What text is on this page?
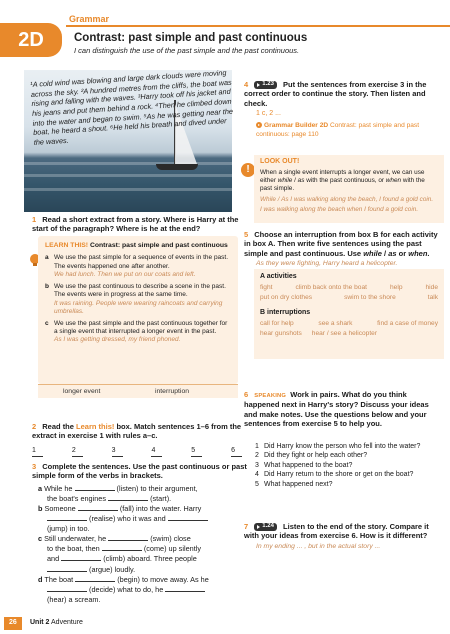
2D
Grammar
Contrast: past simple and past continuous
I can distinguish the use of the past simple and the past continuous.
¹A cold wind was blowing and large dark clouds were moving across the sky. ²A hundred metres from the cliffs, the boat was rising and falling with the waves. ³Harry took off his jacket and his jeans and put them behind a rock. ⁴Then he climbed down into the water and began to swim. ⁵As he was getting near the boat, he heard a shout. ⁶He held his breath and dived under the waves.
1 Read a short extract from a story. Where is Harry at the start of the paragraph? Where is he at the end?
LEARN THIS! Contrast: past simple and past continuous
a We use the past simple for a sequence of events in the past. The events happened one after another.
We had lunch. Then we put on our coats and left.
b We use the past continuous to describe a scene in the past. The events were in progress at the same time.
It was raining. People were wearing raincoats and carrying umbrellas.
c We use the past simple and the past continuous together for a single event that interrupted a longer event in the past.
As I was getting dressed, my friend phoned.
longer event	interruption
2 Read the Learn this! box. Match sentences 1–6 from the extract in exercise 1 with rules a–c.
1	2	3	4	5	6
3 Complete the sentences. Use the past continuous or past simple form of the verbs in brackets.
a While he	(listen) to their argument,
the boat's engines	(start).
b Someone	(fall) into the water. Harry
(realise) who it was and
(jump) in too.
c Still underwater, he	(swim) close
to the boat, then	(come) up silently
and	(climb) aboard. Three people
(argue) loudly.
d The boat	(begin) to move away. As he
(decide) what to do, he
(hear) a scream.
4 1.23 Put the sentences from exercise 3 in the correct order to continue the story. Then listen and check.
1 c, 2 ...
Grammar Builder 2D Contrast: past simple and past continuous: page 110
!
LOOK OUT!
When a single event interrupts a longer event, we can use either while / as with the past continuous, or when with the past simple.
While / As I was walking along the beach, I found a gold coin.
I was walking along the beach when I found a gold coin.
5 Choose an interruption from box B for each activity in box A. Then write five sentences using the past simple and past continuous. Use while / as or when.
As they were fighting, Harry heard a helicopter.
A activities
fight	climb back onto the boat	help	hide
put on dry clothes	swim to the shore	talk
B interruptions
call for help	see a shark	find a case of money
hear gunshots hear / see a helicopter
6 SPEAKING Work in pairs. What do you think happened next in Harry's story? Discuss your ideas and make notes. Use the questions below and your sentences from exercise 5 to help you.
1 Did Harry know the person who fell into the water?
2 Did they fight or help each other?
3 What happened to the boat?
4 Did Harry return to the shore or get on the boat?
5 What happened next?
7 1.24 Listen to the end of the story. Compare it with your ideas from exercise 6. How is it different?
In my ending ... , but in the actual story ...
26	Unit 2 Adventure
